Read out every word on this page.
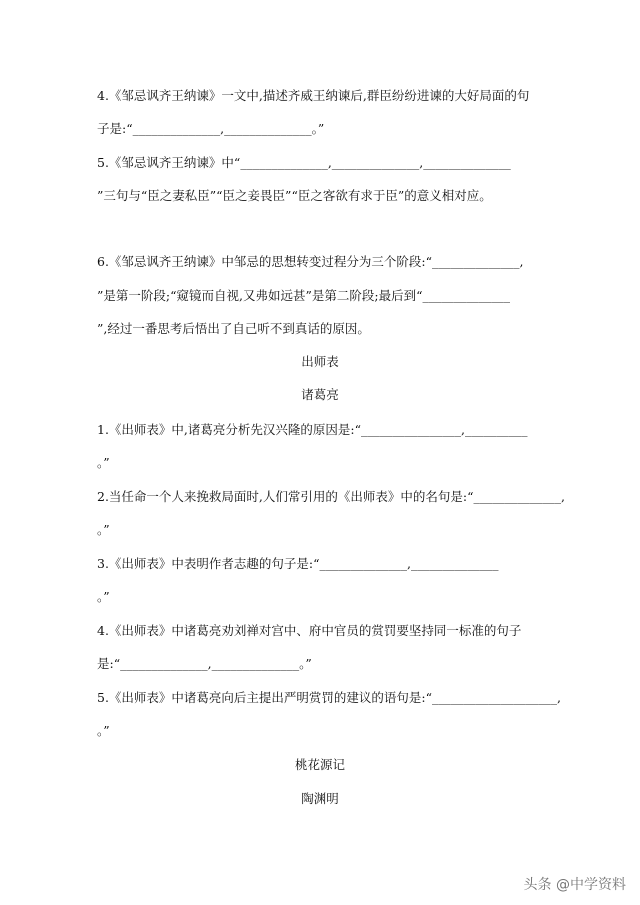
4.《邹忌讽齐王纳谏》一文中,描述齐威王纳谏后,群臣纷纷进谏的大好局面的句
子是:“______________,______________。”
5.《邹忌讽齐王纳谏》中“______________,______________,______________
”三句与“臣之妻私臣”“臣之妾畏臣”“臣之客欲有求于臣”的意义相对应。
6.《邹忌讽齐王纳谏》中邹忌的思想转变过程分为三个阶段:“______________,
”是第一阶段;“窥镜而自视,又弗如远甚”是第二阶段;最后到“______________
”,经过一番思考后悟出了自己听不到真话的原因。
出师表
诸葛亮
1.《出师表》中,诸葛亮分析先汉兴隆的原因是:“________________,__________
。”
2.当任命一个人来挽救局面时,人们常引用的《出师表》中的名句是:“______________,
。”
3.《出师表》中表明作者志趣的句子是:“______________,______________
。”
4.《出师表》中诸葛亮劝刘禅对宫中、府中官员的赏罚要坚持同一标准的句子
是:“______________,______________。”
5.《出师表》中诸葛亮向后主提出严明赏罚的建议的语句是:“____________________,
。”
桃花源记
陶渊明
头条 @中学资料
